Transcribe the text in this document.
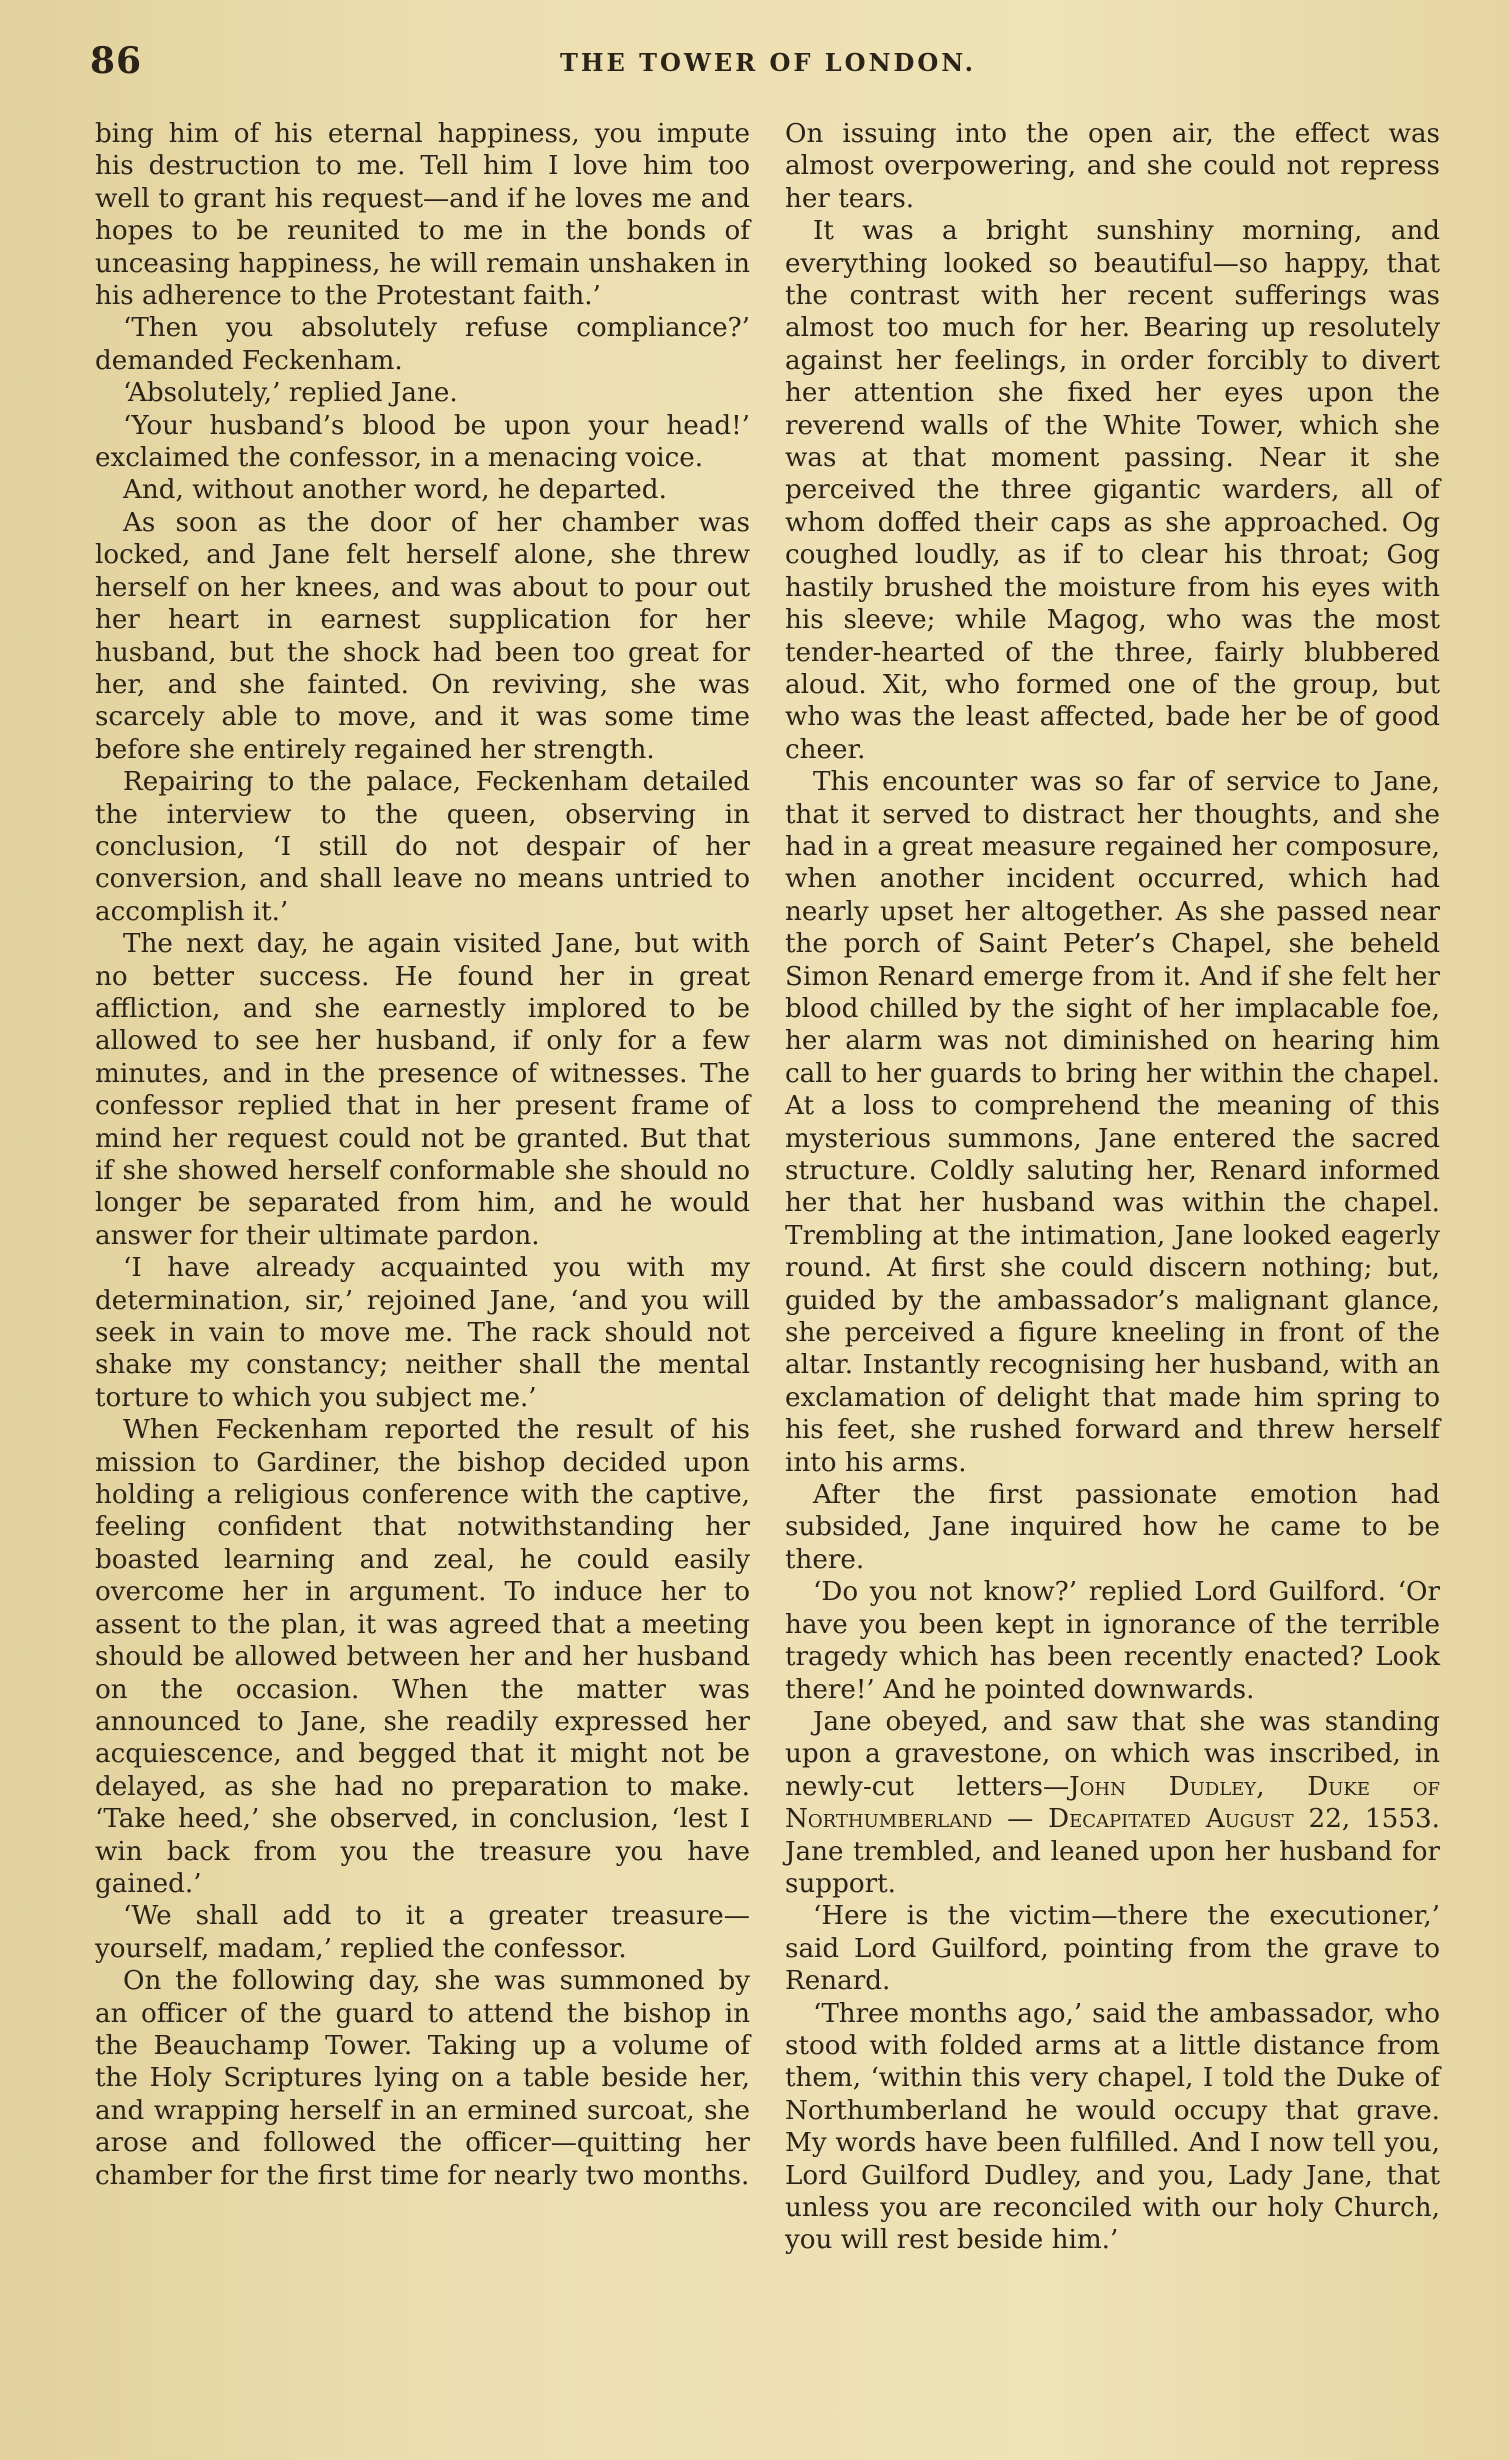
86	THE TOWER OF LONDON.

bing him of his eternal happiness, you impute his destruction to me. Tell him I love him too well to grant his request—and if he loves me and hopes to be reunited to me in the bonds of unceasing happiness, he will remain unshaken in his adherence to the Protestant faith.’

‘Then you absolutely refuse compliance?’ demanded Feckenham.

‘Absolutely,’ replied Jane.

‘Your husband’s blood be upon your head!’ exclaimed the confessor, in a menacing voice.

And, without another word, he departed.

As soon as the door of her chamber was locked, and Jane felt herself alone, she threw herself on her knees, and was about to pour out her heart in earnest supplication for her husband, but the shock had been too great for her, and she fainted. On reviving, she was scarcely able to move, and it was some time before she entirely regained her strength.

Repairing to the palace, Feckenham detailed the interview to the queen, observing in conclusion, ‘I still do not despair of her conversion, and shall leave no means untried to accomplish it.’

The next day, he again visited Jane, but with no better success. He found her in great affliction, and she earnestly implored to be allowed to see her husband, if only for a few minutes, and in the presence of witnesses. The confessor replied that in her present frame of mind her request could not be granted. But that if she showed herself conformable she should no longer be separated from him, and he would answer for their ultimate pardon.

‘I have already acquainted you with my determination, sir,’ rejoined Jane, ‘and you will seek in vain to move me. The rack should not shake my constancy; neither shall the mental torture to which you subject me.’

When Feckenham reported the result of his mission to Gardiner, the bishop decided upon holding a religious conference with the captive, feeling confident that notwithstanding her boasted learning and zeal, he could easily overcome her in argument. To induce her to assent to the plan, it was agreed that a meeting should be allowed between her and her husband on the occasion. When the matter was announced to Jane, she readily expressed her acquiescence, and begged that it might not be delayed, as she had no preparation to make. ‘Take heed,’ she observed, in conclusion, ‘lest I win back from you the treasure you have gained.’

‘We shall add to it a greater treasure—yourself, madam,’ replied the confessor.

On the following day, she was summoned by an officer of the guard to attend the bishop in the Beauchamp Tower. Taking up a volume of the Holy Scriptures lying on a table beside her, and wrapping herself in an ermined surcoat, she arose and followed the officer—quitting her chamber for the first time for nearly two months.

On issuing into the open air, the effect was almost overpowering, and she could not repress her tears.

It was a bright sunshiny morning, and everything looked so beautiful—so happy, that the contrast with her recent sufferings was almost too much for her. Bearing up resolutely against her feelings, in order forcibly to divert her attention she fixed her eyes upon the reverend walls of the White Tower, which she was at that moment passing. Near it she perceived the three gigantic warders, all of whom doffed their caps as she approached. Og coughed loudly, as if to clear his throat; Gog hastily brushed the moisture from his eyes with his sleeve; while Magog, who was the most tender-hearted of the three, fairly blubbered aloud. Xit, who formed one of the group, but who was the least affected, bade her be of good cheer.

This encounter was so far of service to Jane, that it served to distract her thoughts, and she had in a great measure regained her composure, when another incident occurred, which had nearly upset her altogether. As she passed near the porch of Saint Peter’s Chapel, she beheld Simon Renard emerge from it. And if she felt her blood chilled by the sight of her implacable foe, her alarm was not diminished on hearing him call to her guards to bring her within the chapel. At a loss to comprehend the meaning of this mysterious summons, Jane entered the sacred structure. Coldly saluting her, Renard informed her that her husband was within the chapel. Trembling at the intimation, Jane looked eagerly round. At first she could discern nothing; but, guided by the ambassador’s malignant glance, she perceived a figure kneeling in front of the altar. Instantly recognising her husband, with an exclamation of delight that made him spring to his feet, she rushed forward and threw herself into his arms.

After the first passionate emotion had subsided, Jane inquired how he came to be there.

‘Do you not know?’ replied Lord Guilford. ‘Or have you been kept in ignorance of the terrible tragedy which has been recently enacted? Look there!’ And he pointed downwards.

Jane obeyed, and saw that she was standing upon a gravestone, on which was inscribed, in newly-cut letters—John Dudley, Duke of Northumberland — Decapitated August 22, 1553. Jane trembled, and leaned upon her husband for support.

‘Here is the victim—there the executioner,’ said Lord Guilford, pointing from the grave to Renard.

‘Three months ago,’ said the ambassador, who stood with folded arms at a little distance from them, ‘within this very chapel, I told the Duke of Northumberland he would occupy that grave. My words have been fulfilled. And I now tell you, Lord Guilford Dudley, and you, Lady Jane, that unless you are reconciled with our holy Church, you will rest beside him.’
